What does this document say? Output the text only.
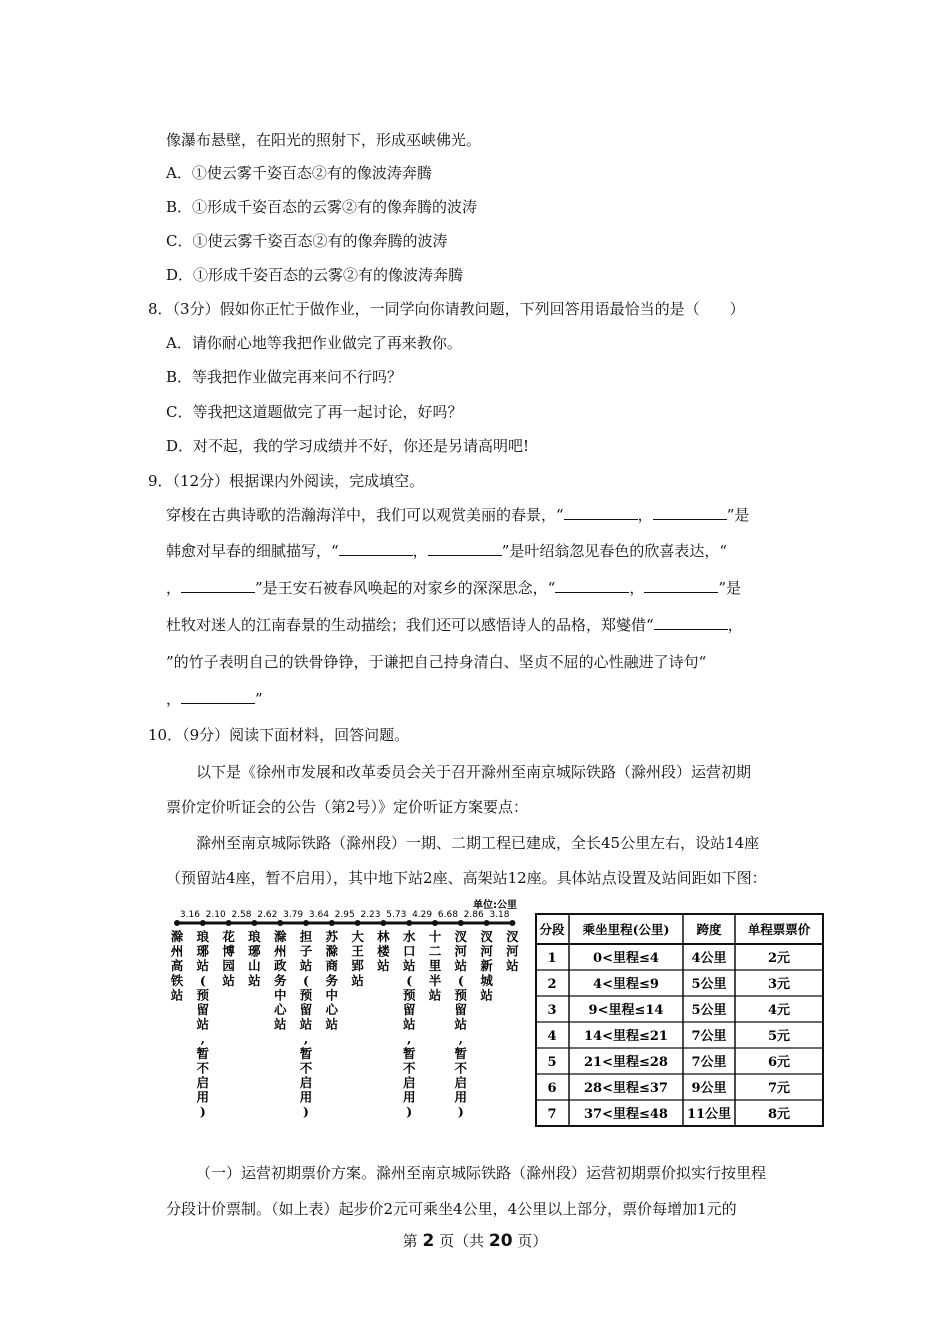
像瀑布悬壁，在阳光的照射下，形成巫峡佛光。
A．①使云雾千姿百态②有的像波涛奔腾
B．①形成千姿百态的云雾②有的像奔腾的波涛
C．①使云雾千姿百态②有的像奔腾的波涛
D．①形成千姿百态的云雾②有的像波涛奔腾
8．（3分）假如你正忙于做作业，一同学向你请教问题，下列回答用语最恰当的是（　　）
A．请你耐心地等我把作业做完了再来教你。
B．等我把作业做完再来问不行吗？
C．等我把这道题做完了再一起讨论，好吗？
D．对不起，我的学习成绩并不好，你还是另请高明吧!
9．（12分）根据课内外阅读，完成填空。
穿梭在古典诗歌的浩瀚海洋中，我们可以观赏美丽的春景，“	，	”是
韩愈对早春的细腻描写，“	，	”是叶绍翁忽见春色的欣喜表达，“
，	”是王安石被春风唤起的对家乡的深深思念，“	，	”是
杜牧对迷人的江南春景的生动描绘；我们还可以感悟诗人的品格，郑燮借“	，
”的竹子表明自己的铁骨铮铮，于谦把自己持身清白、坚贞不屈的心性融进了诗句“
，	”
10．（9分）阅读下面材料，回答问题。
以下是《徐州市发展和改革委员会关于召开滁州至南京城际铁路（滁州段）运营初期
票价定价听证会的公告（第2号）》定价听证方案要点：
滁州至南京城际铁路（滁州段）一期、二期工程已建成，全长45公里左右，设站14座
（预留站4座，暂不启用），其中地下站2座、高架站12座。具体站点设置及站间距如下图：
单位:公里
3.16 2.10 2.58 2.62 3.79 3.64 2.95 2.23 5.73 4.29 6.68 2.86 3.18
滁州高铁站
琅琊站(预留站,暂不启用)
花博园站
琅琊山站
滁州政务中心站
担子站(预留站,暂不启用)
苏滁商务中心站
大王郢站
林楼站
水口站(预留站,暂不启用)
十二里半站
汊河站(预留站,暂不启用)
汊河新城站
汊河站
分段 乘坐里程(公里) 跨度 单程票票价
1	0<里程≤4	4公里	2元
2	4<里程≤9	5公里	3元
3 9<里程≤14 5公里	4元
4 14<里程≤21 7公里	5元
5 21<里程≤28 7公里	6元
6 28<里程≤37 9公里	7元
7 37<里程≤48 11公里	8元
（一）运营初期票价方案。滁州至南京城际铁路（滁州段）运营初期票价拟实行按里程
分段计价票制。（如上表）起步价2元可乘坐4公里，4公里以上部分，票价每增加1元的
第 2 页（共 20 页）
